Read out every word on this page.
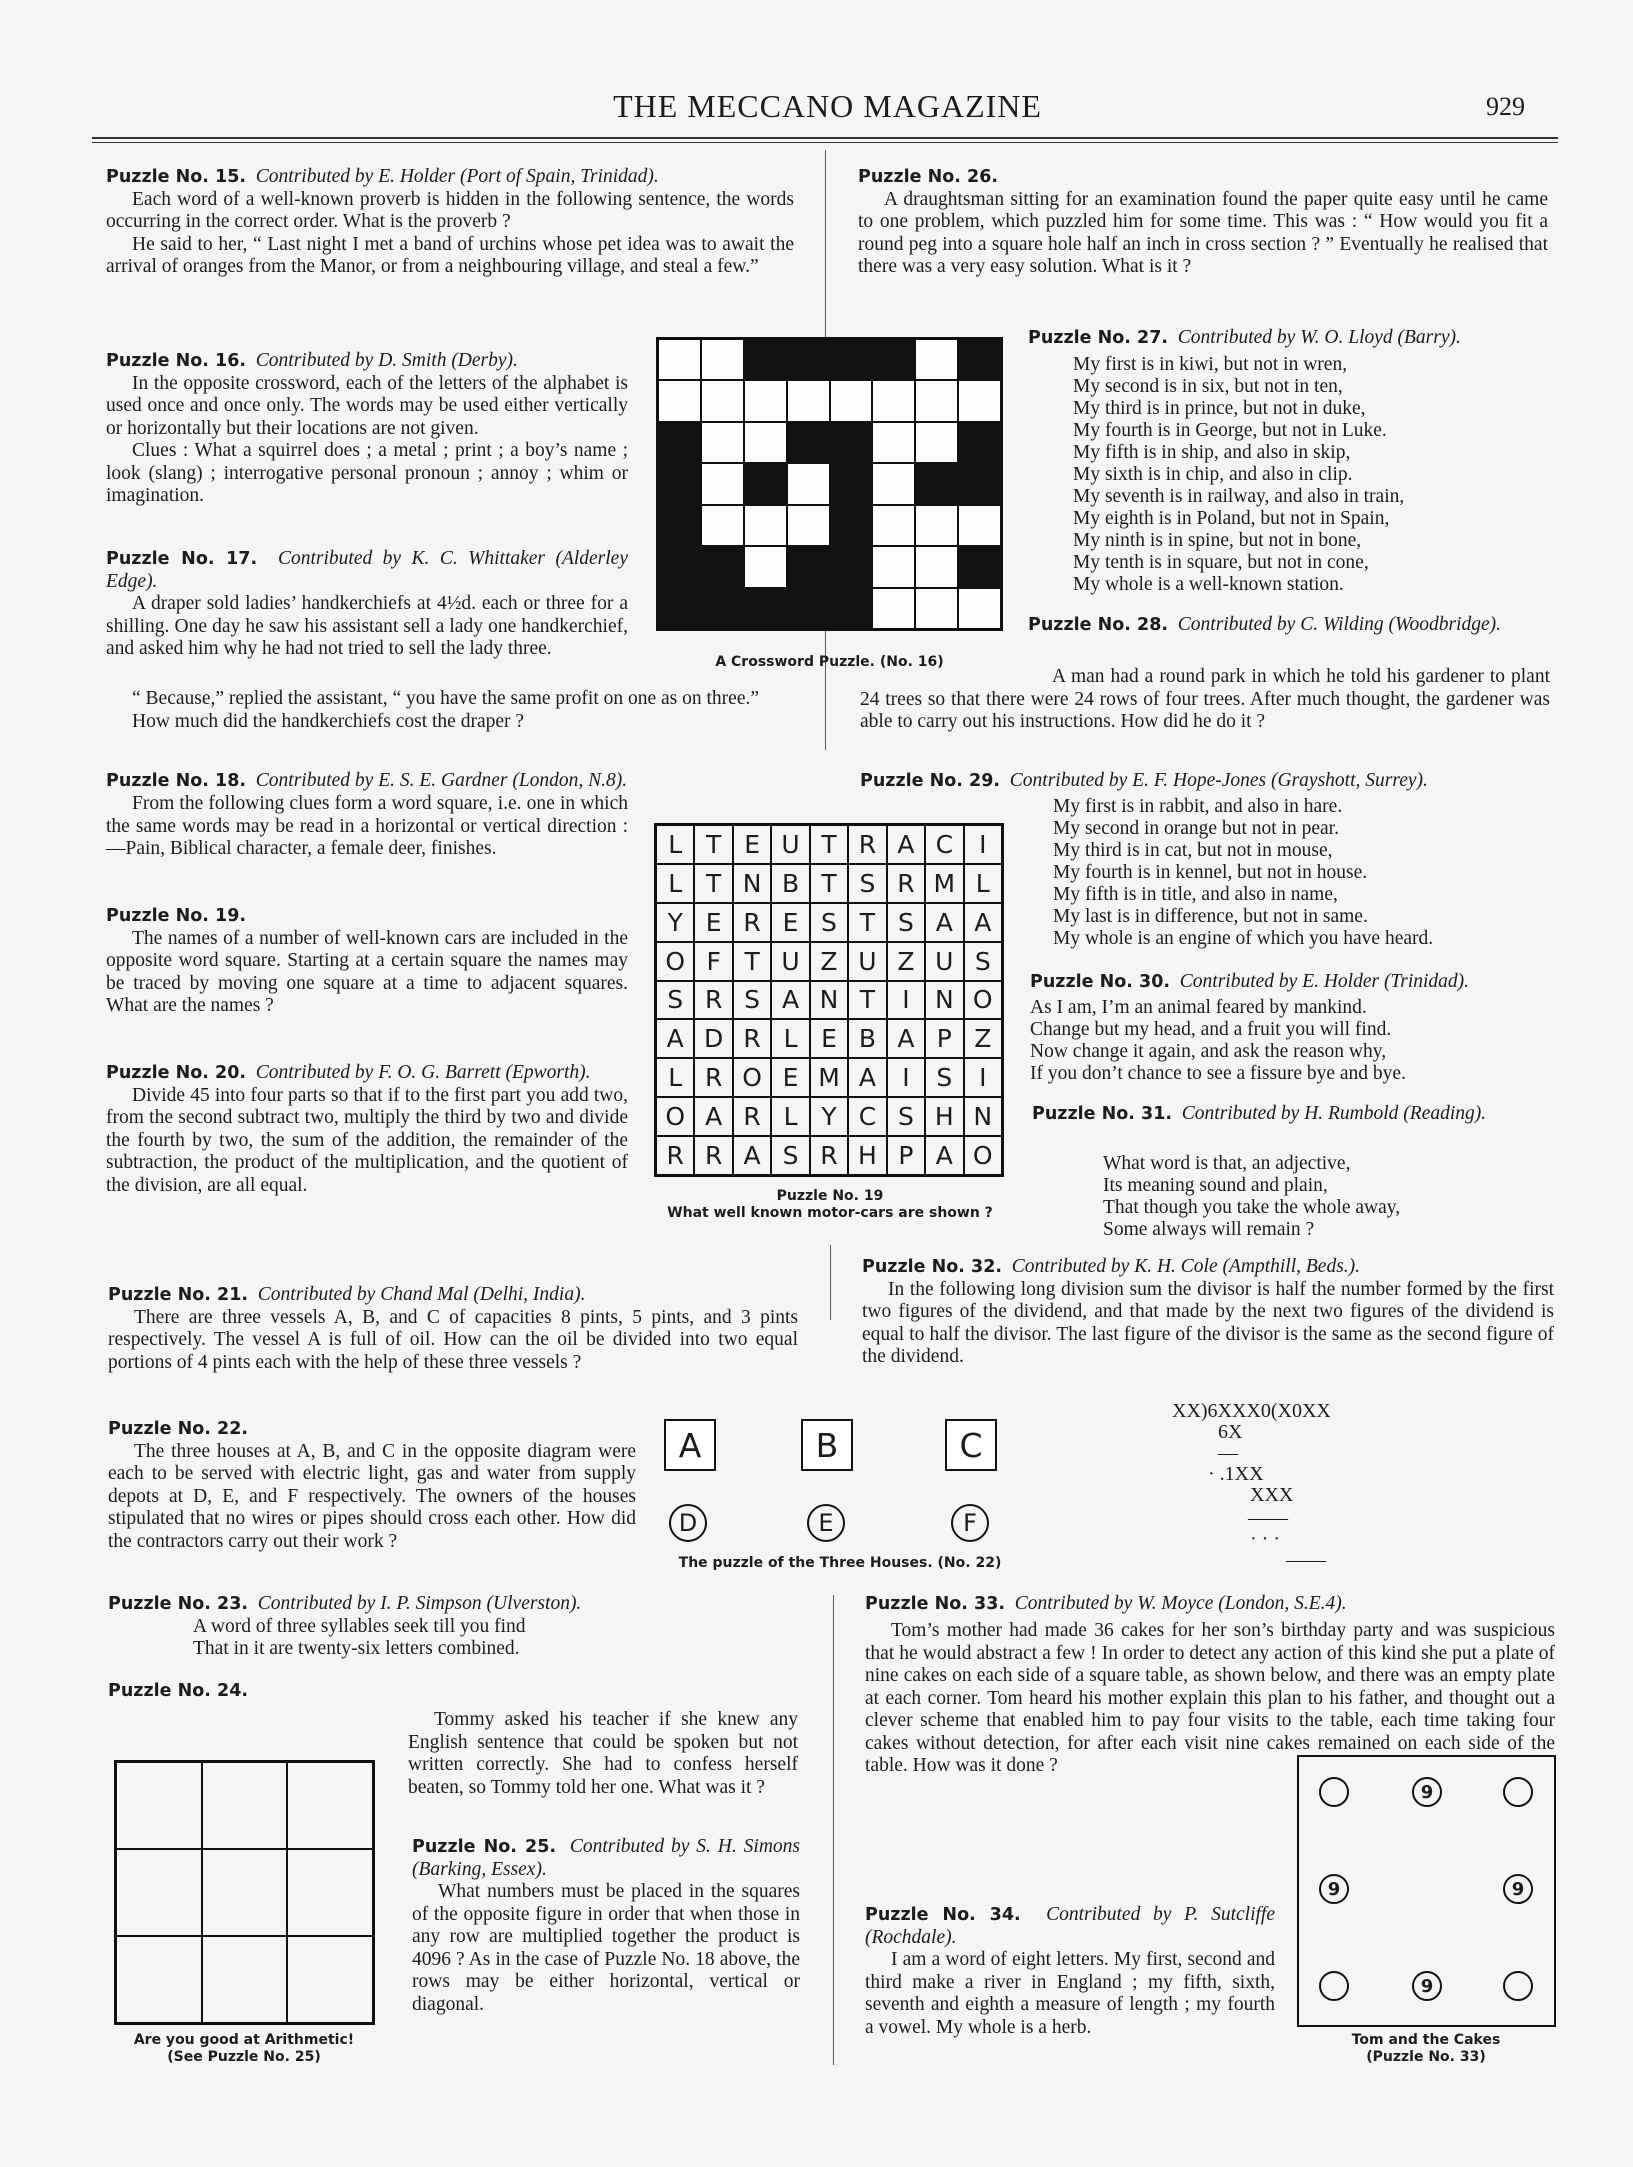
THE MECCANO MAGAZINE	929
Puzzle No. 15. Contributed by E. Holder (Port of Spain, Trinidad).

Each word of a well-known proverb is hidden in the following sentence, the words occurring in the correct order. What is the proverb ?

He said to her, “ Last night I met a band of urchins whose pet idea was to await the arrival of oranges from the Manor, or from a neighbouring village, and steal a few.”

Puzzle No. 16. Contributed by D. Smith (Derby).

In the opposite crossword, each of the letters of the alphabet is used once and once only. The words may be used either vertically or horizontally but their locations are not given.

Clues : What a squirrel does ; a metal ; print ; a boy’s name ; look (slang) ; interrogative personal pronoun ; annoy ; whim or imagination.

Puzzle No. 17. Contributed by K. C. Whittaker (Alderley Edge).

A draper sold ladies’ handkerchiefs at 4½d. each or three for a shilling. One day he saw his assistant sell a lady one handkerchief, and asked him why he had not tried to sell the lady three.

“ Because,” replied the assistant, “ you have the same profit on one as on three.”

How much did the handkerchiefs cost the draper ?

Puzzle No. 18. Contributed by E. S. E. Gardner (London, N.8).

From the following clues form a word square, i.e. one in which the same words may be read in a horizontal or vertical direction :—Pain, Biblical character, a female deer, finishes.

Puzzle No. 19.

The names of a number of well-known cars are included in the opposite word square. Starting at a certain square the names may be traced by moving one square at a time to adjacent squares. What are the names ?

Puzzle No. 20. Contributed by F. O. G. Barrett (Epworth).

Divide 45 into four parts so that if to the first part you add two, from the second subtract two, multiply the third by two and divide the fourth by two, the sum of the addition, the remainder of the subtraction, the product of the multiplication, and the quotient of the division, are all equal.

Puzzle No. 21. Contributed by Chand Mal (Delhi, India).

There are three vessels A, B, and C of capacities 8 pints, 5 pints, and 3 pints respectively. The vessel A is full of oil. How can the oil be divided into two equal portions of 4 pints each with the help of these three vessels ?

Puzzle No. 22.

The three houses at A, B, and C in the opposite diagram were each to be served with electric light, gas and water from supply depots at D, E, and F respectively. The owners of the houses stipulated that no wires or pipes should cross each other. How did the contractors carry out their work ?

Puzzle No. 23. Contributed by I. P. Simpson (Ulverston).
A word of three syllables seek till you find
That in it are twenty-six letters combined.
Puzzle No. 24.

Tommy asked his teacher if she knew any English sentence that could be spoken but not written correctly. She had to confess herself beaten, so Tommy told her one. What was it ?

Puzzle No. 25. Contributed by S. H. Simons (Barking, Essex).

What numbers must be placed in the squares of the opposite figure in order that when those in any row are multiplied together the product is 4096 ? As in the case of Puzzle No. 18 above, the rows may be either horizontal, vertical or diagonal.

Puzzle No. 26.

A draughtsman sitting for an examination found the paper quite easy until he came to one problem, which puzzled him for some time. This was : “ How would you fit a round peg into a square hole half an inch in cross section ? ” Eventually he realised that there was a very easy solution. What is it ?

Puzzle No. 27. Contributed by W. O. Lloyd (Barry).
My first is in kiwi, but not in wren,
My second is in six, but not in ten,
My third is in prince, but not in duke,
My fourth is in George, but not in Luke.
My fifth is in ship, and also in skip,
My sixth is in chip, and also in clip.
My seventh is in railway, and also in train,
My eighth is in Poland, but not in Spain,
My ninth is in spine, but not in bone,
My tenth is in square, but not in cone,
My whole is a well-known station.
Puzzle No. 28. Contributed by C. Wilding (Woodbridge).

A man had a round park in which he told his gardener to plant 24 trees so that there were 24 rows of four trees. After much thought, the gardener was able to carry out his instructions. How did he do it ?

Puzzle No. 29. Contributed by E. F. Hope-Jones (Grayshott, Surrey).
My first is in rabbit, and also in hare.
My second in orange but not in pear.
My third is in cat, but not in mouse,
My fourth is in kennel, but not in house.
My fifth is in title, and also in name,
My last is in difference, but not in same.
My whole is an engine of which you have heard.
Puzzle No. 30. Contributed by E. Holder (Trinidad).
As I am, I’m an animal feared by mankind.
Change but my head, and a fruit you will find.
Now change it again, and ask the reason why,
If you don’t chance to see a fissure bye and bye.
Puzzle No. 31. Contributed by H. Rumbold (Reading).
What word is that, an adjective,
Its meaning sound and plain,
That though you take the whole away,
Some always will remain ?
Puzzle No. 32. Contributed by K. H. Cole (Ampthill, Beds.).

In the following long division sum the divisor is half the number formed by the first two figures of the dividend, and that made by the next two figures of the dividend is equal to half the divisor. The last figure of the divisor is the same as the second figure of the dividend.

XX)6XXX0(X0XX
6X
—
· .1XX
XXX
——
· · ·
——
Puzzle No. 33. Contributed by W. Moyce (London, S.E.4).

Tom’s mother had made 36 cakes for her son’s birthday party and was suspicious that he would abstract a few ! In order to detect any action of this kind she put a plate of nine cakes on each side of a square table, as shown below, and there was an empty plate at each corner. Tom heard his mother explain this plan to his father, and thought out a clever scheme that enabled him to pay four visits to the table, each time taking four cakes without detection, for after each visit nine cakes remained on each side of the table. How was it done ?

Puzzle No. 34. Contributed by P. Sutcliffe (Rochdale).

I am a word of eight letters. My first, second and third make a river in England ; my fifth, sixth, seventh and eighth a measure of length ; my fourth a vowel. My whole is a herb.

A Crossword Puzzle. (No. 16)
L T E U T R A C	I
L T N B T S R M L
Y E R E S T S A A
O F T U Z U Z U S
S R S A N T	I	N O
A D R L E B A P Z
L R O E M A	I	S	I
O A R L Y C S H N
R R A S R H P A O
Puzzle No. 19
What well known motor-cars are shown ?
A	B	C
D	E	F
The puzzle of the Three Houses. (No. 22)
Are you good at Arithmetic!
(See Puzzle No. 25)
9
9	9
9
Tom and the Cakes
(Puzzle No. 33)
